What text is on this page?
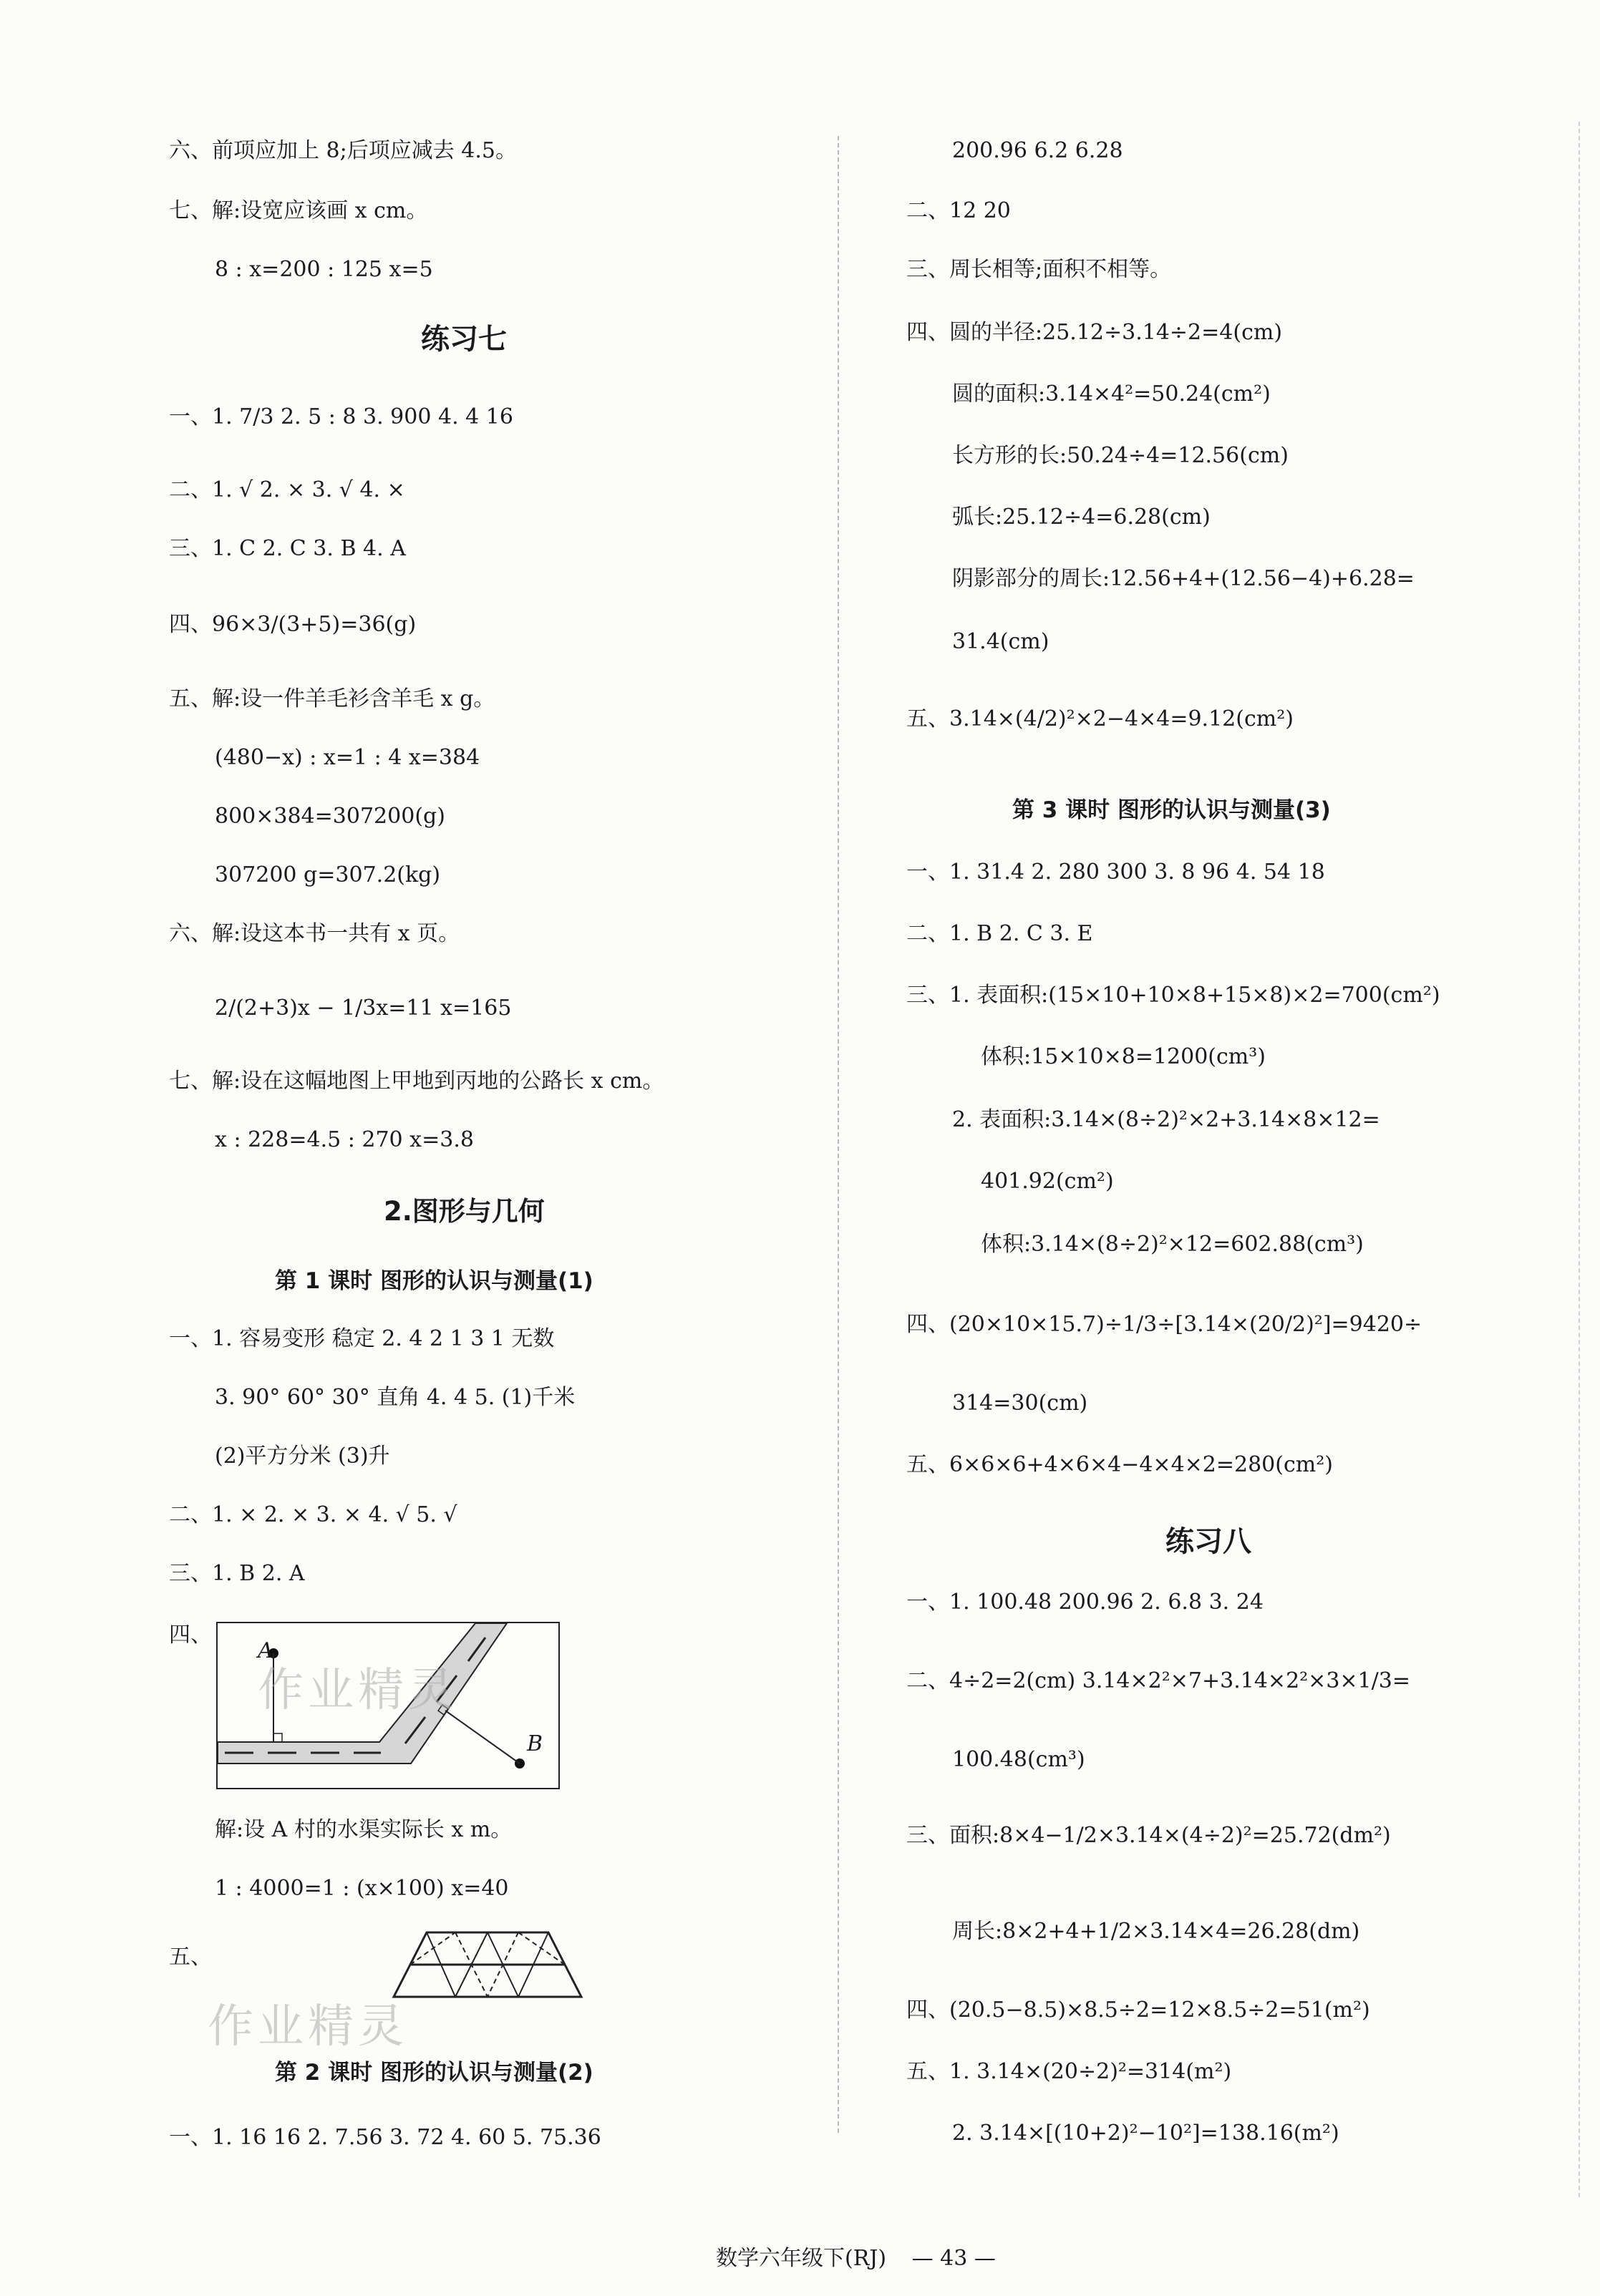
六、前项应加上 8;后项应减去 4.5。
七、解:设宽应该画 x cm。
8 : x=200 : 125 x=5
练习七
一、1. 7/3 2. 5 : 8 3. 900 4. 4 16
二、1. √ 2. × 3. √ 4. ×
三、1. C 2. C 3. B 4. A
四、96×3/(3+5)=36(g)
五、解:设一件羊毛衫含羊毛 x g。
(480−x) : x=1 : 4 x=384
800×384=307200(g)
307200 g=307.2(kg)
六、解:设这本书一共有 x 页。
2/(2+3)x − 1/3x=11 x=165
七、解:设在这幅地图上甲地到丙地的公路长 x cm。
x : 228=4.5 : 270 x=3.8
2.图形与几何
第 1 课时 图形的认识与测量(1)
一、1. 容易变形 稳定 2. 4 2 1 3 1 无数
3. 90° 60° 30° 直角 4. 4 5. (1)千米
(2)平方分米 (3)升
二、1. × 2. × 3. × 4. √ 5. √
三、1. B 2. A
四、
A
B
解:设 A 村的水渠实际长 x m。
1 : 4000=1 : (x×100) x=40
五、
第 2 课时 图形的认识与测量(2)
一、1. 16 16 2. 7.56 3. 72 4. 60 5. 75.36
200.96 6.2 6.28
二、12 20
三、周长相等;面积不相等。
四、圆的半径:25.12÷3.14÷2=4(cm)
圆的面积:3.14×4²=50.24(cm²)
长方形的长:50.24÷4=12.56(cm)
弧长:25.12÷4=6.28(cm)
阴影部分的周长:12.56+4+(12.56−4)+6.28=
31.4(cm)
五、3.14×(4/2)²×2−4×4=9.12(cm²)
第 3 课时 图形的认识与测量(3)
一、1. 31.4 2. 280 300 3. 8 96 4. 54 18
二、1. B 2. C 3. E
三、1. 表面积:(15×10+10×8+15×8)×2=700(cm²)
体积:15×10×8=1200(cm³)
2. 表面积:3.14×(8÷2)²×2+3.14×8×12=
401.92(cm²)
体积:3.14×(8÷2)²×12=602.88(cm³)
四、(20×10×15.7)÷1/3÷[3.14×(20/2)²]=9420÷
314=30(cm)
五、6×6×6+4×6×4−4×4×2=280(cm²)
练习八
一、1. 100.48 200.96 2. 6.8 3. 24
二、4÷2=2(cm) 3.14×2²×7+3.14×2²×3×1/3=
100.48(cm³)
三、面积:8×4−1/2×3.14×(4÷2)²=25.72(dm²)
周长:8×2+4+1/2×3.14×4=26.28(dm)
四、(20.5−8.5)×8.5÷2=12×8.5÷2=51(m²)
五、1. 3.14×(20÷2)²=314(m²)
2. 3.14×[(10+2)²−10²]=138.16(m²)
作业精灵
作业精灵
数学六年级下(RJ) — 43 —
